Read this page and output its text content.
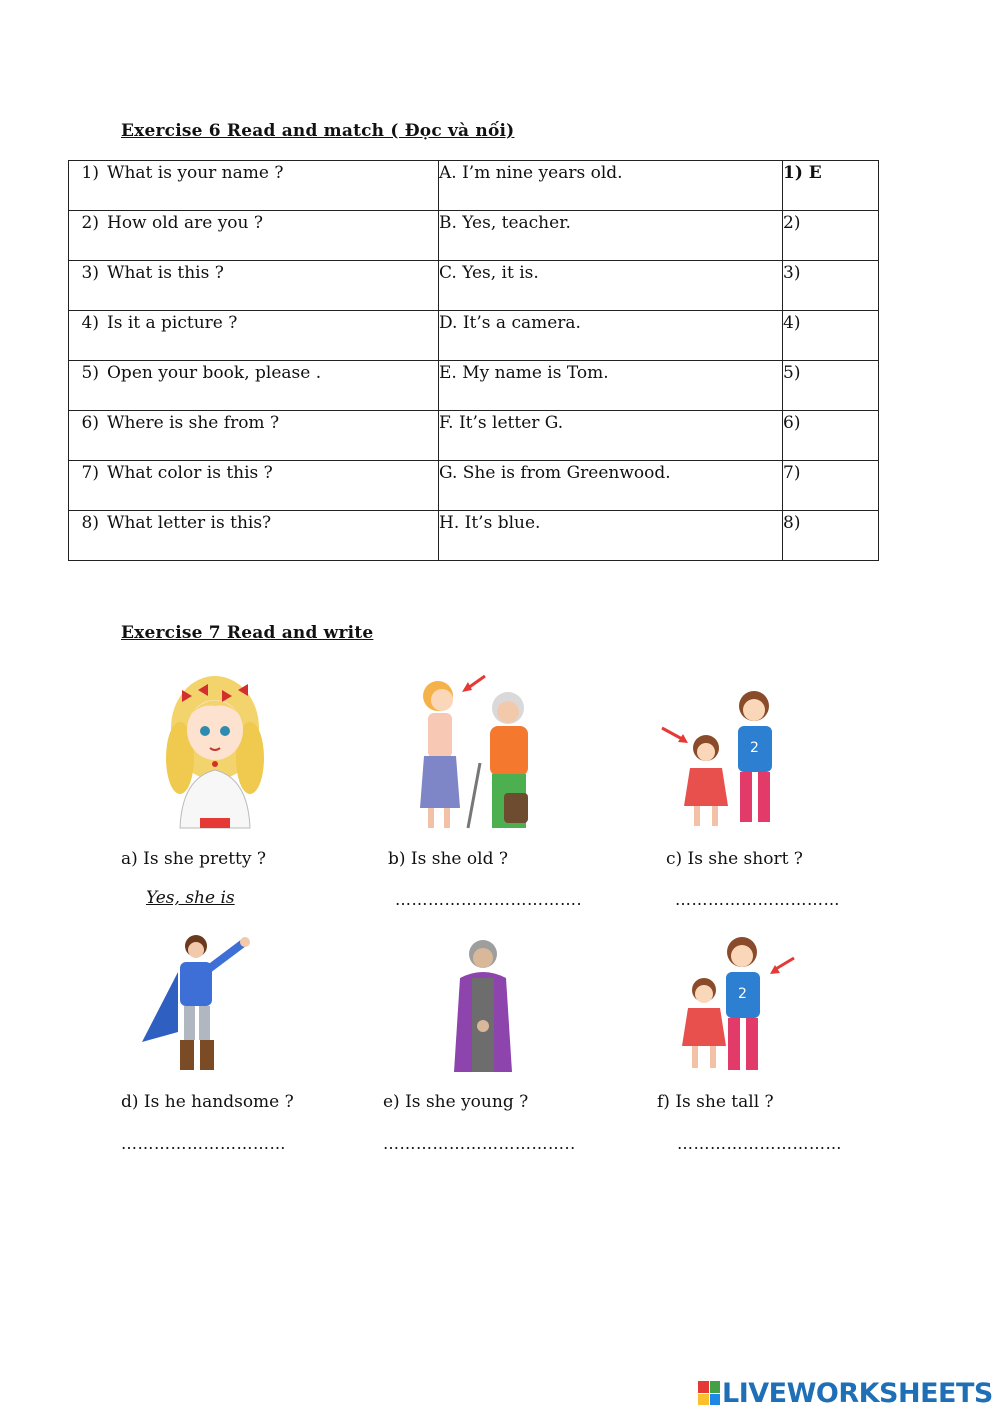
Exercise 6 Read and match ( Đọc và nối)
1) What is your name ?	A. I’m nine years old.	1) E

2) How old are you ?	B. Yes, teacher.	2)

3) What is this ?	C. Yes, it is.	3)

4) Is it a picture ?	D. It’s a camera.	4)

5) Open your book, please .	E. My name is Tom.	5)

6) Where is she from ?	F. It’s letter G.	6)

7) What color is this ?	G. She is from Greenwood.	7)

8) What letter is this?	H. It’s blue.	8)
Exercise 7 Read and write
2

a) Is she pretty ?	b) Is she old ?	c) Is she short ?

Yes, she is	…………………………….	…………………………

2

d) Is he handsome ?	e) Is she young ?	f) Is she tall ?

…………………………	……………………………..	…………………………

LIVEWORKSHEETS
